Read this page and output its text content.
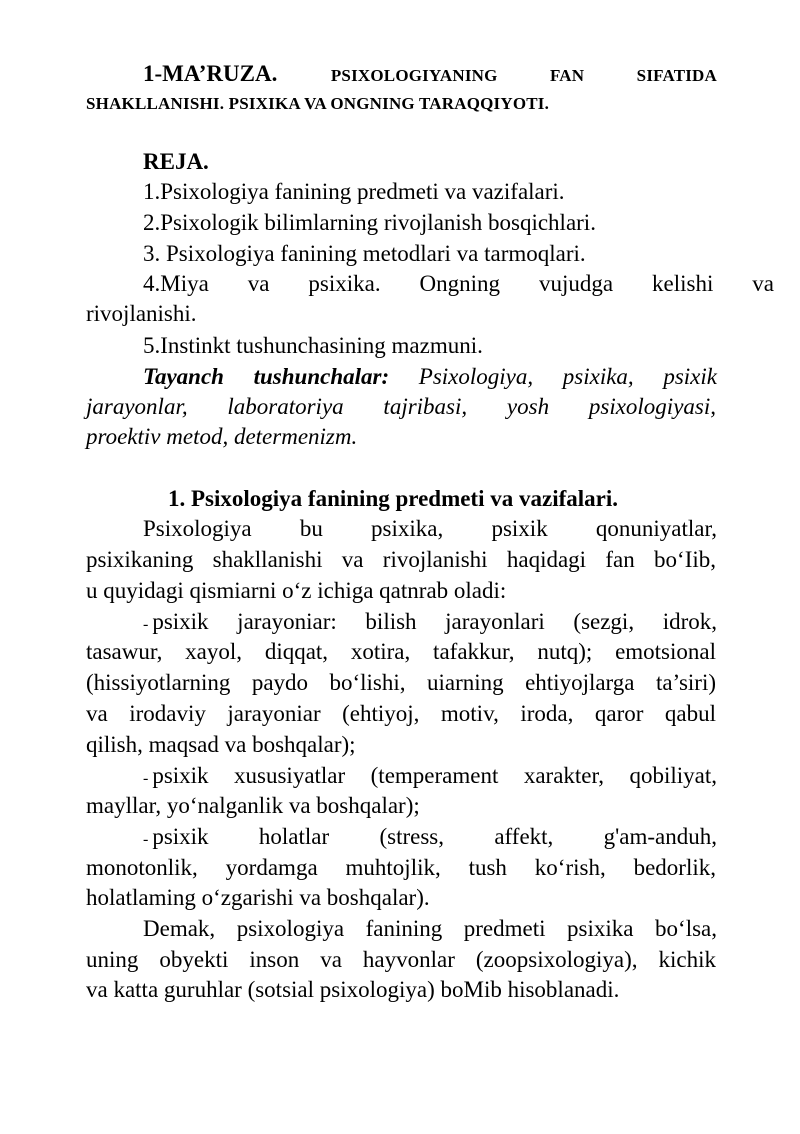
1-MA’RUZA.	PSIXOLOGIYANING FAN SIFATIDA
SHAKLLANISHI. PSIXIKA VA ONGNING TARAQQIYOTI.
REJA.
1.Psixologiya fanining predmeti va vazifalari.
2.Psixologik bilimlarning rivojlanish bosqichlari.
3. Psixologiya fanining metodlari va tarmoqlari.
4.Miya va psixika. Ongning vujudga kelishi va
rivojlanishi.
5.Instinkt tushunchasining mazmuni.
Tayanch tushunchalar: Psixologiya, psixika, psixik
jarayonlar, laboratoriya tajribasi, yosh psixologiyasi,
proektiv metod, determenizm.
1. Psixologiya fanining predmeti va vazifalari.
Psixologiya bu psixika, psixik qonuniyatlar,
psixikaning shakllanishi va rivojlanishi haqidagi fan bo‘Iib,
u quyidagi qismiarni o‘z ichiga qatnrab oladi:
- psixik jarayoniar: bilish jarayonlari (sezgi, idrok,
tasawur, xayol, diqqat, xotira, tafakkur, nutq); emotsional
(hissiyotlarning paydo bo‘lishi, uiarning ehtiyojlarga ta’siri)
va irodaviy jarayoniar (ehtiyoj, motiv, iroda, qaror qabul
qilish, maqsad va boshqalar);
- psixik xususiyatlar (temperament xarakter, qobiliyat,
mayllar, yo‘nalganlik va boshqalar);
- psixik holatlar (stress, affekt, g'am-anduh,
monotonlik, yordamga muhtojlik, tush ko‘rish, bedorlik,
holatlaming o‘zgarishi va boshqalar).
Demak, psixologiya fanining predmeti psixika bo‘lsa,
uning obyekti inson va hayvonlar (zoopsixologiya), kichik
va katta guruhlar (sotsial psixologiya) boMib hisoblanadi.
